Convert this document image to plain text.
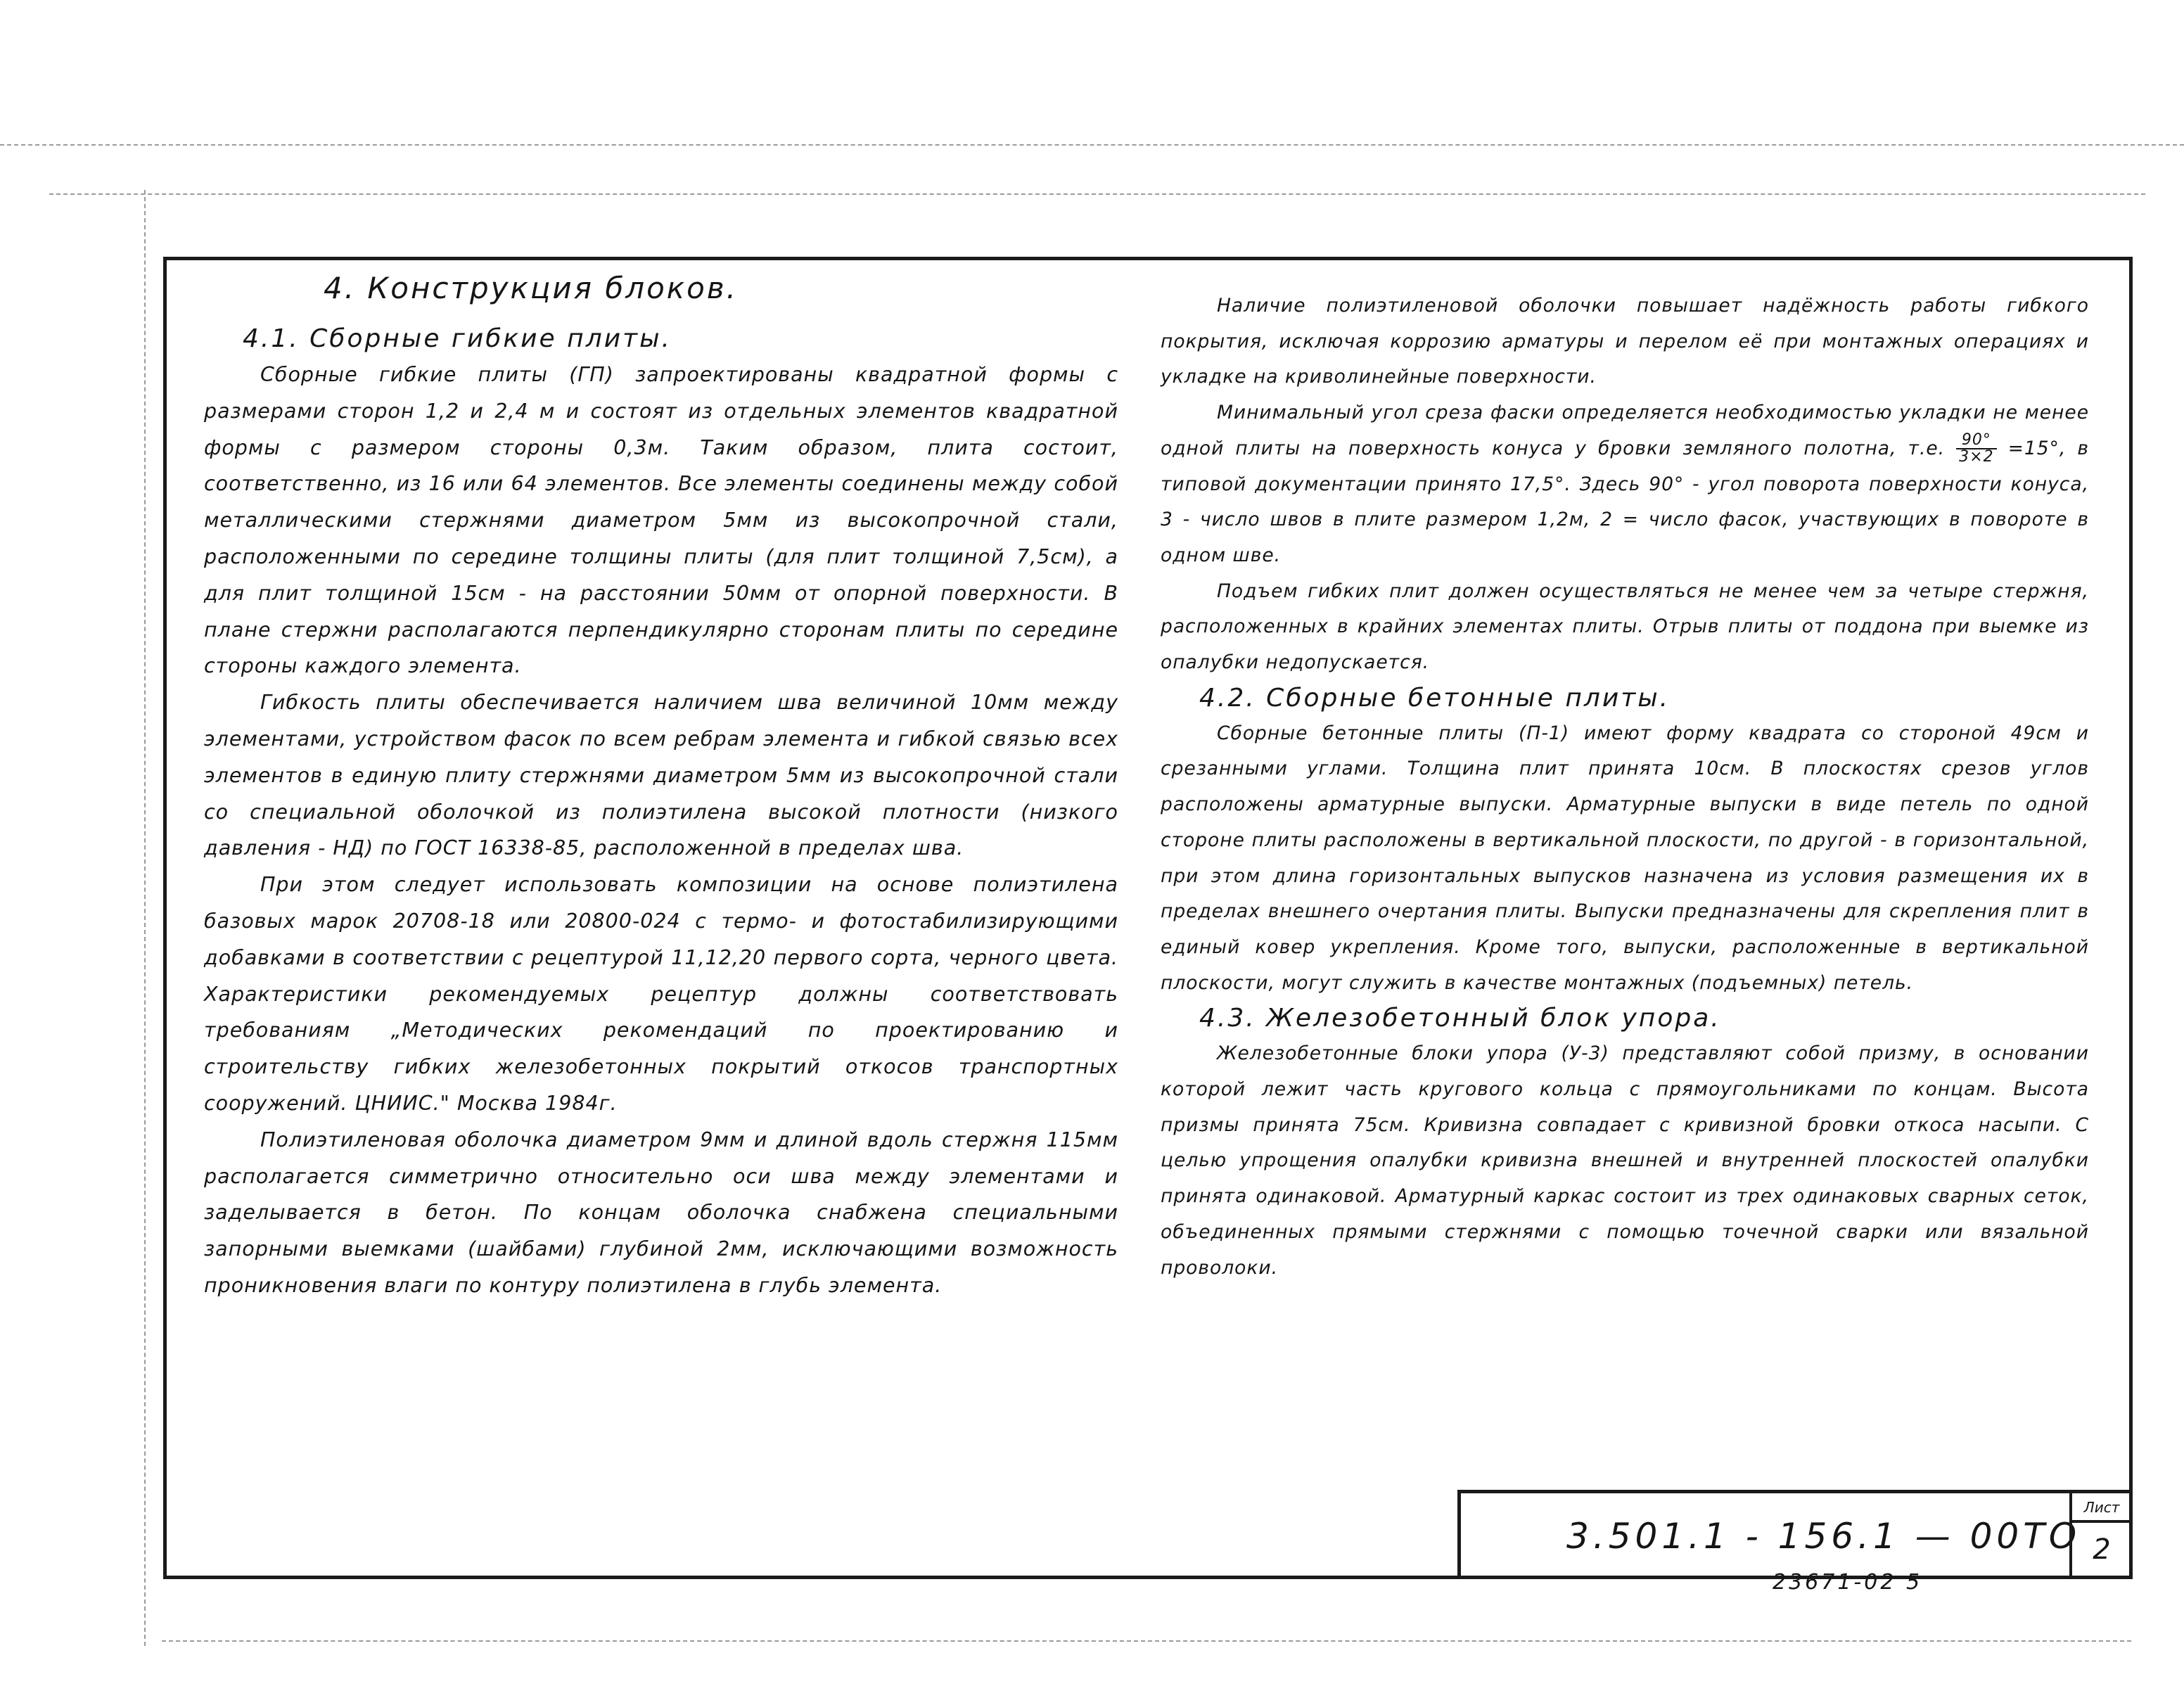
4. Конструкция блоков.

4.1. Сборные гибкие плиты.

Сборные гибкие плиты (ГП) запроектированы квадратной формы с размерами сторон 1,2 и 2,4 м и состоят из отдельных элементов квадратной формы с размером стороны 0,3м. Таким образом, плита состоит, соответственно, из 16 или 64 элементов. Все элементы соединены между собой металлическими стержнями диаметром 5мм из высокопрочной стали, расположенными по середине толщины плиты (для плит толщиной 7,5см), а для плит толщиной 15см - на расстоянии 50мм от опорной поверхности. В плане стержни располагаются перпендикулярно сторонам плиты по середине стороны каждого элемента.

Гибкость плиты обеспечивается наличием шва величиной 10мм между элементами, устройством фасок по всем ребрам элемента и гибкой связью всех элементов в единую плиту стержнями диаметром 5мм из высокопрочной стали со специальной оболочкой из полиэтилена высокой плотности (низкого давления - НД) по ГОСТ 16338-85, расположенной в пределах шва.

При этом следует использовать композиции на основе полиэтилена базовых марок 20708-18 или 20800-024 с термо- и фотостабилизирующими добавками в соответствии с рецептурой 11,12,20 первого сорта, черного цвета. Характеристики рекомендуемых рецептур должны соответствовать требованиям „Методических рекомендаций по проектированию и строительству гибких железобетонных покрытий откосов транспортных сооружений. ЦНИИС." Москва 1984г.

Полиэтиленовая оболочка диаметром 9мм и длиной вдоль стержня 115мм располагается симметрично относительно оси шва между элементами и заделывается в бетон. По концам оболочка снабжена специальными запорными выемками (шайбами) глубиной 2мм, исключающими возможность проникновения влаги по контуру полиэтилена в глубь элемента.

Наличие полиэтиленовой оболочки повышает надёжность работы гибкого покрытия, исключая коррозию арматуры и перелом её при монтажных операциях и укладке на криволинейные поверхности.

Минимальный угол среза фаски определяется необходимостью укладки не менее одной плиты на поверхность конуса у бровки земляного полотна, т.е. $\frac{90^\circ}{3\times 2} =15^\circ$, в типовой документации принято 17,5°. Здесь 90° - угол поворота поверхности конуса, 3 - число швов в плите размером 1,2м, 2 = число фасок, участвующих в повороте в одном шве.

Подъем гибких плит должен осуществляться не менее чем за четыре стержня, расположенных в крайних элементах плиты. Отрыв плиты от поддона при выемке из опалубки недопускается.

4.2. Сборные бетонные плиты.

Сборные бетонные плиты (П-1) имеют форму квадрата со стороной 49см и срезанными углами. Толщина плит принята 10см. В плоскостях срезов углов расположены арматурные выпуски. Арматурные выпуски в виде петель по одной стороне плиты расположены в вертикальной плоскости, по другой - в горизонтальной, при этом длина горизонтальных выпусков назначена из условия размещения их в пределах внешнего очертания плиты. Выпуски предназначены для скрепления плит в единый ковер укрепления. Кроме того, выпуски, расположенные в вертикальной плоскости, могут служить в качестве монтажных (подъемных) петель.

4.3. Железобетонный блок упора.

Железобетонные блоки упора (У-3) представляют собой призму, в основании которой лежит часть кругового кольца с прямоугольниками по концам. Высота призмы принята 75см. Кривизна совпадает с кривизной бровки откоса насыпи. С целью упрощения опалубки кривизна внешней и внутренней плоскостей опалубки принята одинаковой. Арматурный каркас состоит из трех одинаковых сварных сеток, объединенных прямыми стержнями с помощью точечной сварки или вязальной проволоки.

3.501.1 - 156.1 — 00ТО
Лист
2
23671-02 5
